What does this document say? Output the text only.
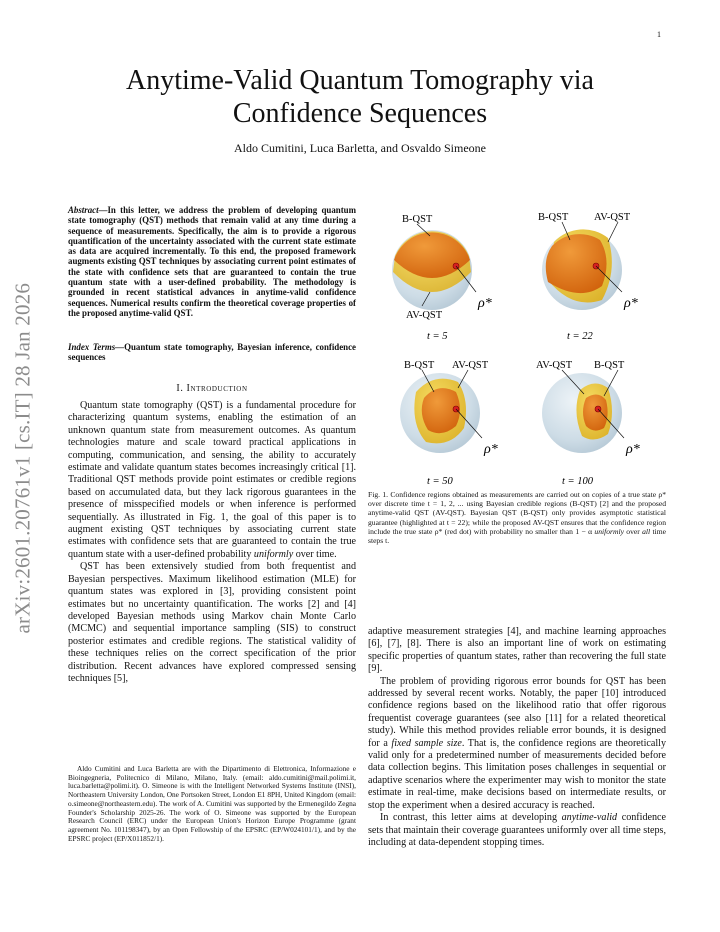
1
arXiv:2601.20761v1 [cs.IT] 28 Jan 2026
Anytime-Valid Quantum Tomography via Confidence Sequences
Aldo Cumitini, Luca Barletta, and Osvaldo Simeone
Abstract—In this letter, we address the problem of developing quantum state tomography (QST) methods that remain valid at any time during a sequence of measurements. Specifically, the aim is to provide a rigorous quantification of the uncertainty associated with the current state estimate as data are acquired incrementally. To this end, the proposed framework augments existing QST techniques by associating current point estimates of the state with confidence sets that are guaranteed to contain the true quantum state with a user-defined probability. The methodology is grounded in recent statistical advances in anytime-valid confidence sequences. Numerical results confirm the theoretical coverage properties of the proposed anytime-valid QST.
Index Terms—Quantum state tomography, Bayesian inference, confidence sequences
I. Introduction

Quantum state tomography (QST) is a fundamental procedure for characterizing quantum systems, enabling the estimation of an unknown quantum state from measurement outcomes. As quantum technologies mature and scale toward practical applications in computing, communication, and sensing, the ability to accurately estimate and validate quantum states becomes increasingly critical [1]. Traditional QST methods provide point estimates or credible regions based on accumulated data, but they lack rigorous guarantees in the presence of misspecified models or when inference is performed sequentially. As illustrated in Fig. 1, the goal of this paper is to augment existing QST techniques by associating current state estimates with confidence sets that are guaranteed to contain the true quantum state with a user-defined probability uniformly over time.

QST has been extensively studied from both frequentist and Bayesian perspectives. Maximum likelihood estimation (MLE) for quantum states was explored in [3], providing consistent point estimates but no uncertainty quantification. The works [2] and [4] developed Bayesian methods using Markov chain Monte Carlo (MCMC) and sequential importance sampling (SIS) to construct posterior estimates and credible regions. The statistical validity of these techniques relies on the correct specification of the prior distribution. Recent advances have explored compressed sensing techniques [5],

Aldo Cumitini and Luca Barletta are with the Dipartimento di Elettronica, Informazione e Bioingegneria, Politecnico di Milano, Milano, Italy. (email: aldo.cumitini@mail.polimi.it, luca.barletta@polimi.it). O. Simeone is with the Intelligent Networked Systems Institute (INSI), Northeastern University London, One Portsoken Street, London E1 8PH, United Kingdom (email: o.simeone@northeastern.edu). The work of A. Cumitini was supported by the Ermenegildo Zegna Founder's Scholarship 2025-26. The work of O. Simeone was supported by the European Research Council (ERC) under the European Union's Horizon Europe Programme (grant agreement No. 101198347), by an Open Fellowship of the EPSRC (EP/W024101/1), and by the EPSRC project (EP/X011852/1).

B-QST
AV-QST
ρ*
t = 5
B-QST AV-QST
ρ*
t = 22
B-QST AV-QST
ρ*
t = 50
AV-QST B-QST
ρ*
t = 100
Fig. 1. Confidence regions obtained as measurements are carried out on copies of a true state ρ* over discrete time t = 1, 2, ... using Bayesian credible regions (B-QST) [2] and the proposed anytime-valid QST (AV-QST). Bayesian QST (B-QST) only provides asymptotic statistical guarantee (highlighted at t = 22); while the proposed AV-QST ensures that the confidence region include the true state ρ* (red dot) with probability no smaller than 1 − α uniformly over all time steps t.

adaptive measurement strategies [4], and machine learning approaches [6], [7], [8]. There is also an important line of work on estimating specific properties of quantum states, rather than recovering the full state [9].

The problem of providing rigorous error bounds for QST has been addressed by several recent works. Notably, the paper [10] introduced confidence regions based on the likelihood ratio that offer rigorous frequentist coverage guarantees (see also [11] for a related theoretical study). While this method provides reliable error bounds, it is designed for a fixed sample size. That is, the confidence regions are theoretically valid only for a predetermined number of measurements decided before data collection begins. This limitation poses challenges in sequential or adaptive scenarios where the experimenter may wish to monitor the state estimate in real-time, make decisions based on intermediate results, or stop the experiment when a desired accuracy is reached.

In contrast, this letter aims at developing anytime-valid confidence sets that maintain their coverage guarantees uniformly over all time steps, including at data-dependent stopping times.
